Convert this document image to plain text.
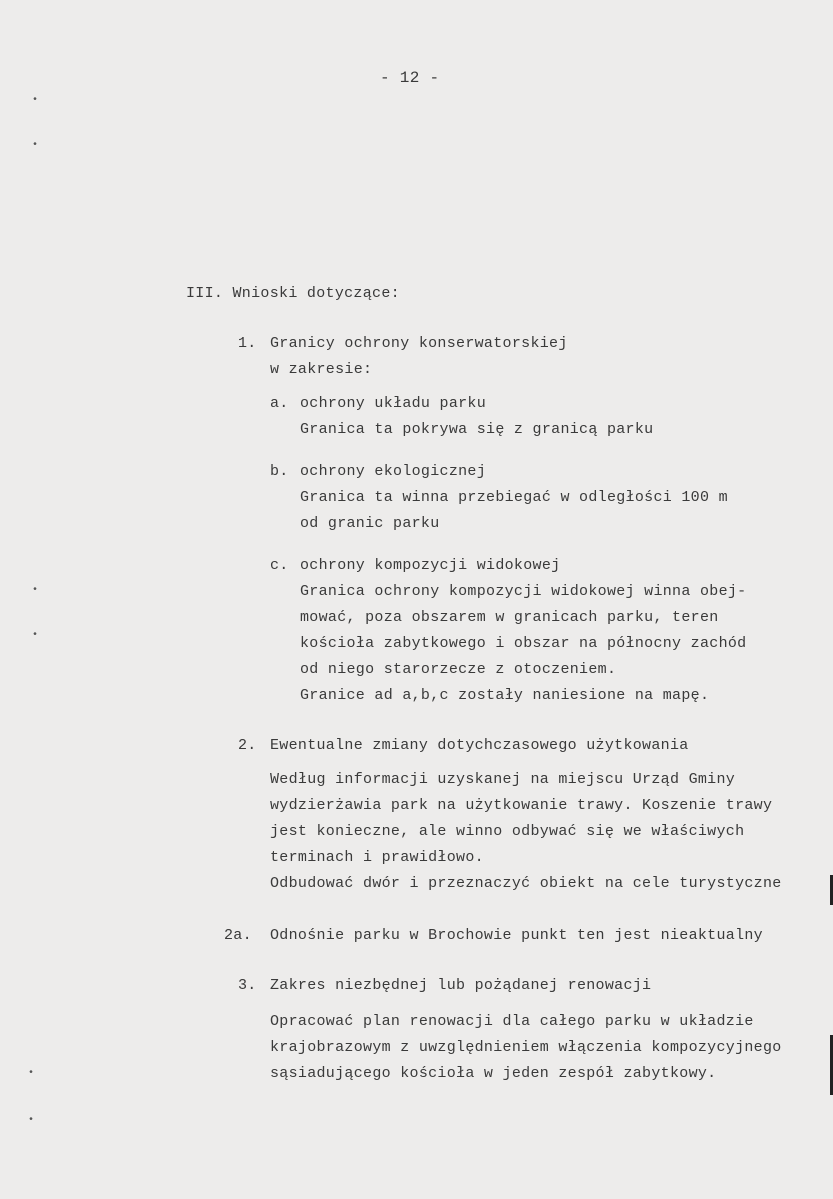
- 12 -
III. Wnioski dotyczące:
1. Granicy ochrony konserwatorskiej
w zakresie:
a. ochrony układu parku
Granica ta pokrywa się z granicą parku
b. ochrony ekologicznej
Granica ta winna przebiegać w odległości 100 m
od granic parku
c. ochrony kompozycji widokowej
Granica ochrony kompozycji widokowej winna obej-
mować, poza obszarem w granicach parku, teren
kościoła zabytkowego i obszar na północny zachód
od niego starorzecze z otoczeniem.
Granice ad a,b,c zostały naniesione na mapę.
2. Ewentualne zmiany dotychczasowego użytkowania
Według informacji uzyskanej na miejscu Urząd Gminy
wydzierżawia park na użytkowanie trawy. Koszenie trawy
jest konieczne, ale winno odbywać się we właściwych
terminach i prawidłowo.
Odbudować dwór i przeznaczyć obiekt na cele turystyczne
2a. Odnośnie parku w Brochowie punkt ten jest nieaktualny
3. Zakres niezbędnej lub pożądanej renowacji
Opracować plan renowacji dla całego parku w układzie
krajobrazowym z uwzględnieniem włączenia kompozycyjnego
sąsiadującego kościoła w jeden zespół zabytkowy.
•
•
•
•
•
•
